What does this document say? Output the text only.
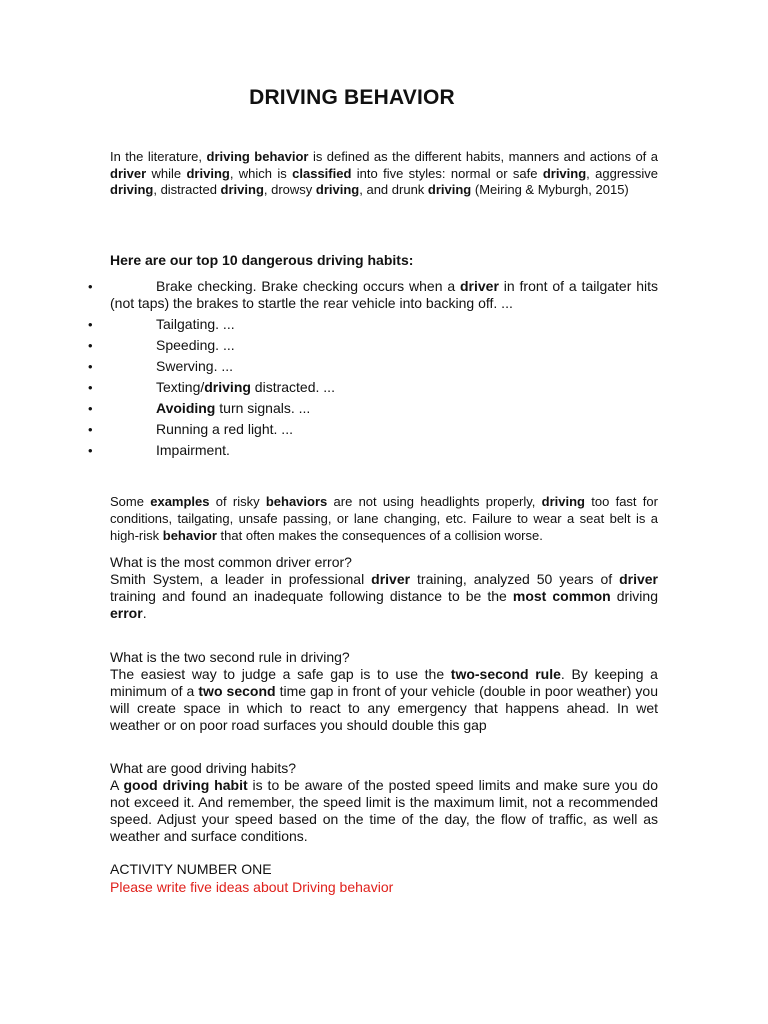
DRIVING BEHAVIOR

In the literature, driving behavior is defined as the different habits, manners and actions of a driver while driving, which is classified into five styles: normal or safe driving, aggressive driving, distracted driving, drowsy driving, and drunk driving (Meiring & Myburgh, 2015)

Here are our top 10 dangerous driving habits:

•	Brake checking. Brake checking occurs when a driver in front of a tailgater hits (not taps) the brakes to startle the rear vehicle into backing off. ...
•	Tailgating. ...
•	Speeding. ...
•	Swerving. ...
•	Texting/driving distracted. ...
•	Avoiding turn signals. ...
•	Running a red light. ...
•	Impairment.

Some examples of risky behaviors are not using headlights properly, driving too fast for conditions, tailgating, unsafe passing, or lane changing, etc. Failure to wear a seat belt is a high-risk behavior that often makes the consequences of a collision worse.

What is the most common driver error?
Smith System, a leader in professional driver training, analyzed 50 years of driver training and found an inadequate following distance to be the most common driving error.
What is the two second rule in driving?
The easiest way to judge a safe gap is to use the two-second rule. By keeping a minimum of a two second time gap in front of your vehicle (double in poor weather) you will create space in which to react to any emergency that happens ahead. In wet weather or on poor road surfaces you should double this gap
What are good driving habits?
A good driving habit is to be aware of the posted speed limits and make sure you do not exceed it. And remember, the speed limit is the maximum limit, not a recommended speed. Adjust your speed based on the time of the day, the flow of traffic, as well as weather and surface conditions.
ACTIVITY NUMBER ONE
Please write five ideas about Driving behavior
